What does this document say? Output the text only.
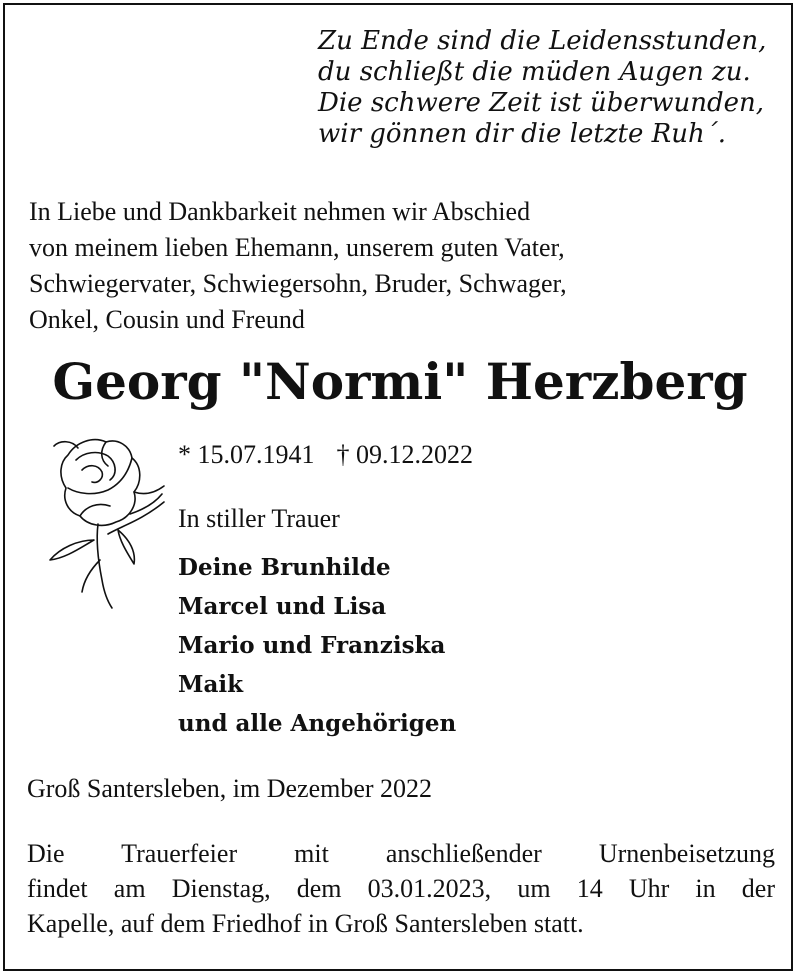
Zu Ende sind die Leidensstunden,
du schließt die müden Augen zu.
Die schwere Zeit ist überwunden,
wir gönnen dir die letzte Ruh´.
In Liebe und Dankbarkeit nehmen wir Abschied
von meinem lieben Ehemann, unserem guten Vater,
Schwiegervater, Schwiegersohn, Bruder, Schwager,
Onkel, Cousin und Freund
Georg "Normi" Herzberg
* 15.07.1941 † 09.12.2022
In stiller Trauer
Deine Brunhilde
Marcel und Lisa
Mario und Franziska
Maik
und alle Angehörigen
Groß Santersleben, im Dezember 2022
Die Trauerfeier mit anschließender Urnenbeisetzung
findet am Dienstag, dem 03.01.2023, um 14 Uhr in der
Kapelle, auf dem Friedhof in Groß Santersleben statt.
